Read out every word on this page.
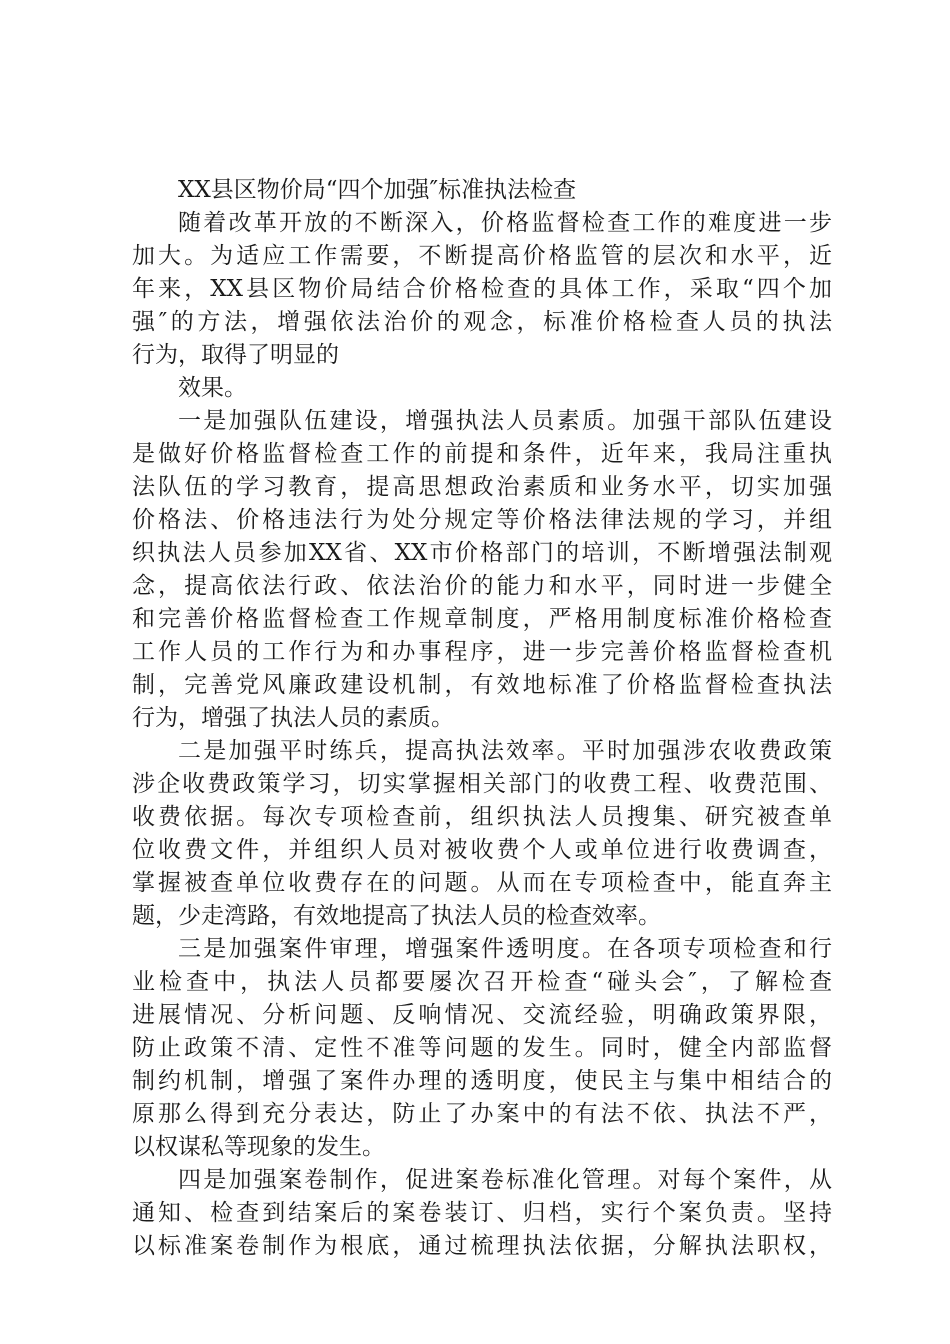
XX县区物价局“四个加强″标准执法检查
随着改革开放的不断深入，价格监督检查工作的难度进一步
加大。为适应工作需要，不断提高价格监管的层次和水平，近
年来，XX县区物价局结合价格检查的具体工作，采取“四个加
强″的方法，增强依法治价的观念，标准价格检查人员的执法
行为，取得了明显的
效果。
一是加强队伍建设，增强执法人员素质。加强干部队伍建设
是做好价格监督检查工作的前提和条件，近年来，我局注重执
法队伍的学习教育，提高思想政治素质和业务水平，切实加强
价格法、价格违法行为处分规定等价格法律法规的学习，并组
织执法人员参加XX省、XX市价格部门的培训，不断增强法制观
念，提高依法行政、依法治价的能力和水平，同时进一步健全
和完善价格监督检查工作规章制度，严格用制度标准价格检查
工作人员的工作行为和办事程序，进一步完善价格监督检查机
制，完善党风廉政建设机制，有效地标准了价格监督检查执法
行为，增强了执法人员的素质。
二是加强平时练兵，提高执法效率。平时加强涉农收费政策
涉企收费政策学习，切实掌握相关部门的收费工程、收费范围、
收费依据。每次专项检查前，组织执法人员搜集、研究被查单
位收费文件，并组织人员对被收费个人或单位进行收费调查，
掌握被查单位收费存在的问题。从而在专项检查中，能直奔主
题，少走湾路，有效地提高了执法人员的检查效率。
三是加强案件审理，增强案件透明度。在各项专项检查和行
业检查中，执法人员都要屡次召开检查“碰头会″，了解检查
进展情况、分析问题、反响情况、交流经验，明确政策界限，
防止政策不清、定性不准等问题的发生。同时，健全内部监督
制约机制，增强了案件办理的透明度，使民主与集中相结合的
原那么得到充分表达，防止了办案中的有法不依、执法不严，
以权谋私等现象的发生。
四是加强案卷制作，促进案卷标准化管理。对每个案件，从
通知、检查到结案后的案卷装订、归档，实行个案负责。坚持
以标准案卷制作为根底，通过梳理执法依据，分解执法职权，
